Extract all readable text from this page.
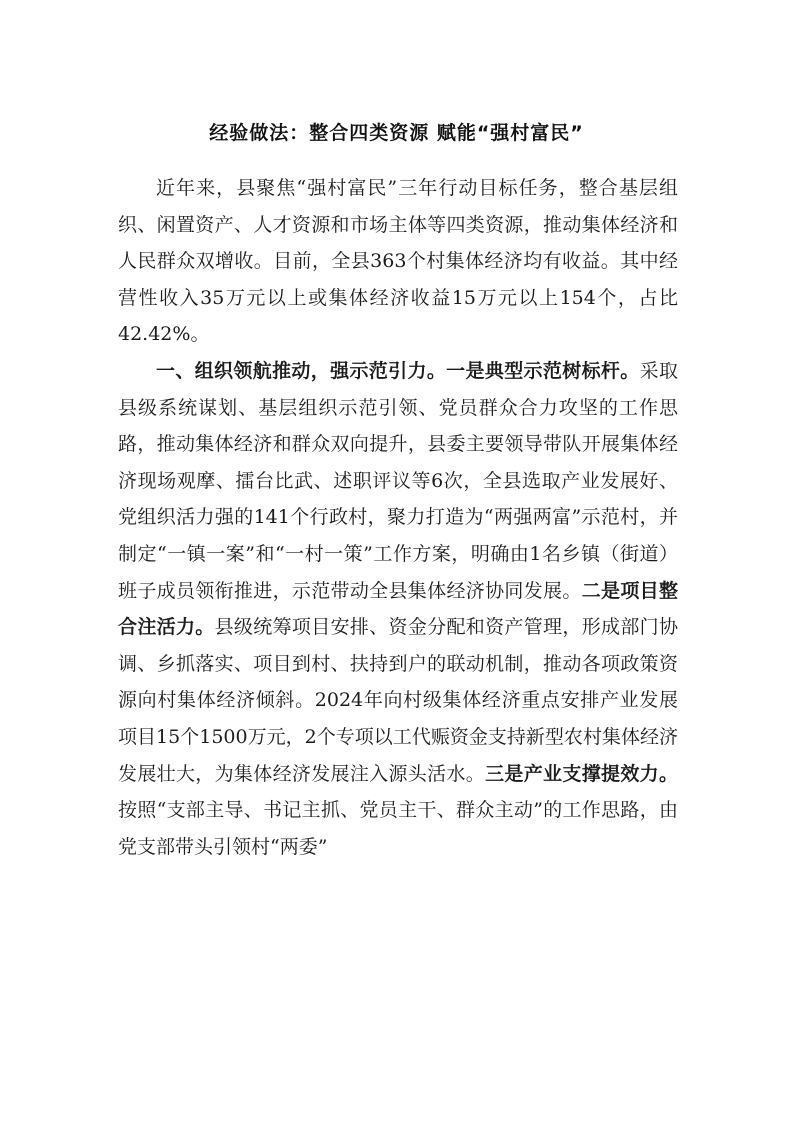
经验做法：整合四类资源 赋能“强村富民”

近年来，县聚焦“强村富民”三年行动目标任务，整合基层组织、闲置资产、人才资源和市场主体等四类资源，推动集体经济和人民群众双增收。目前，全县363个村集体经济均有收益。其中经营性收入35万元以上或集体经济收益15万元以上154个，占比42.42%。

一、组织领航推动，强示范引力。一是典型示范树标杆。采取县级系统谋划、基层组织示范引领、党员群众合力攻坚的工作思路，推动集体经济和群众双向提升，县委主要领导带队开展集体经济现场观摩、擂台比武、述职评议等6次，全县选取产业发展好、党组织活力强的141个行政村，聚力打造为“两强两富”示范村，并制定“一镇一案”和“一村一策”工作方案，明确由1名乡镇（街道）班子成员领衔推进，示范带动全县集体经济协同发展。二是项目整合注活力。县级统筹项目安排、资金分配和资产管理，形成部门协调、乡抓落实、项目到村、扶持到户的联动机制，推动各项政策资源向村集体经济倾斜。2024年向村级集体经济重点安排产业发展项目15个1500万元，2个专项以工代赈资金支持新型农村集体经济发展壮大，为集体经济发展注入源头活水。三是产业支撑提效力。按照“支部主导、书记主抓、党员主干、群众主动”的工作思路，由党支部带头引领村“两委”
